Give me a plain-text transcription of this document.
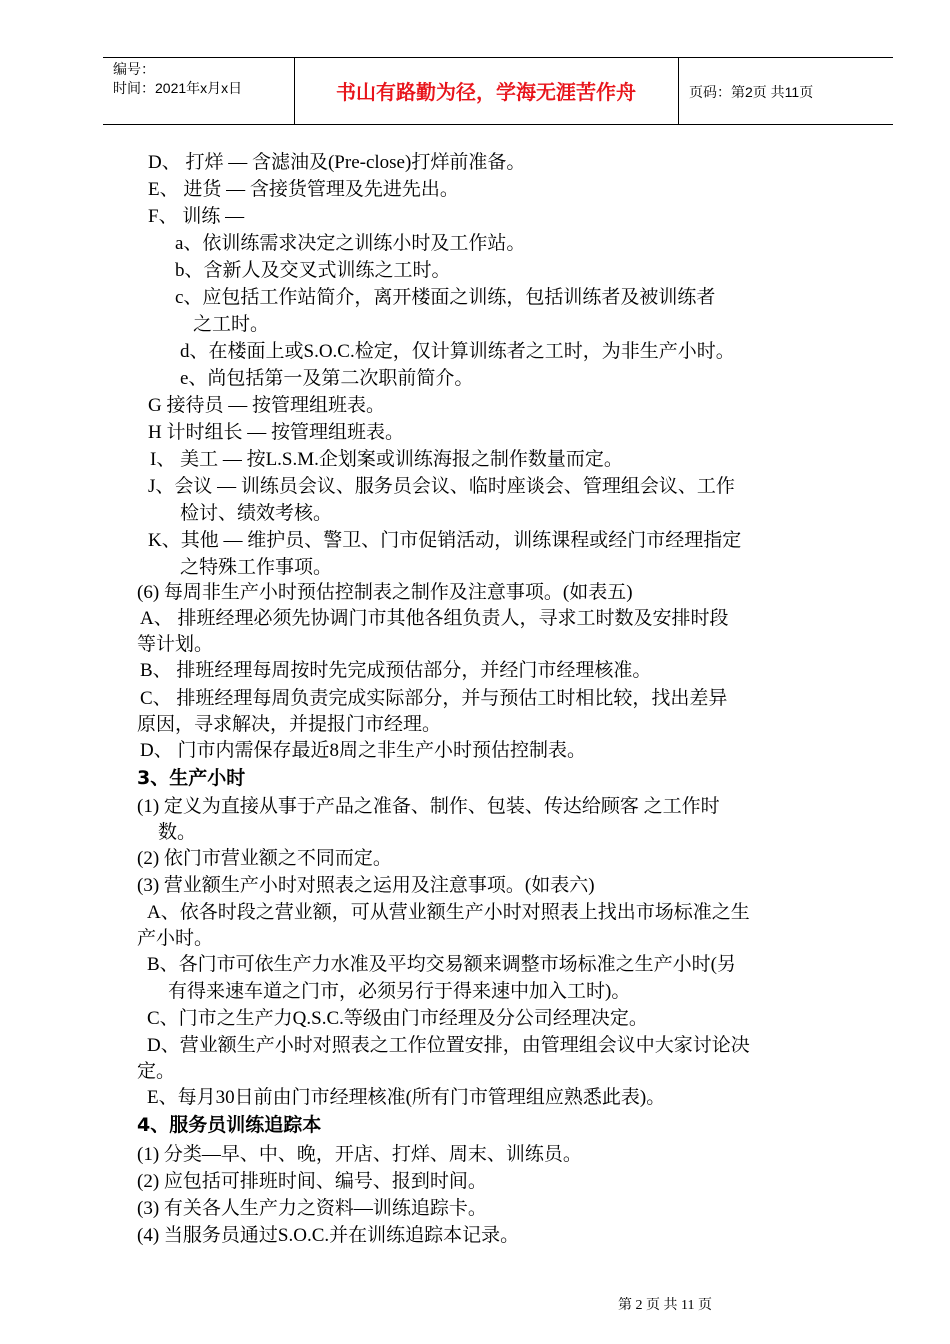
编号：
时间：2021年x月x日	书山有路勤为径，学海无涯苦作舟	页码：第2页 共11页
D、 打烊 — 含滤油及(Pre-close)打烊前准备。
E、 进货 — 含接货管理及先进先出。
F、 训练 —
a、依训练需求决定之训练小时及工作站。
b、含新人及交叉式训练之工时。
c、应包括工作站简介，离开楼面之训练，包括训练者及被训练者
之工时。
d、在楼面上或S.O.C.检定，仅计算训练者之工时，为非生产小时。
e、尚包括第一及第二次职前简介。
G 接待员 — 按管理组班表。
H 计时组长 — 按管理组班表。
I、 美工 — 按L.S.M.企划案或训练海报之制作数量而定。
J、会议 — 训练员会议、服务员会议、临时座谈会、管理组会议、工作
检讨、绩效考核。
K、其他 — 维护员、警卫、门市促销活动，训练课程或经门市经理指定
之特殊工作事项。
(6) 每周非生产小时预估控制表之制作及注意事项。(如表五)
A、 排班经理必须先协调门市其他各组负责人，寻求工时数及安排时段
等计划。
B、 排班经理每周按时先完成预估部分，并经门市经理核准。
C、 排班经理每周负责完成实际部分，并与预估工时相比较，找出差异
原因，寻求解决，并提报门市经理。
D、 门市内需保存最近8周之非生产小时预估控制表。
3、生产小时
(1) 定义为直接从事于产品之准备、制作、包装、传达给顾客 之工作时
数。
(2) 依门市营业额之不同而定。
(3) 营业额生产小时对照表之运用及注意事项。(如表六)
A、依各时段之营业额，可从营业额生产小时对照表上找出市场标准之生
产小时。
B、各门市可依生产力水准及平均交易额来调整市场标准之生产小时(另
有得来速车道之门市，必须另行于得来速中加入工时)。
C、门市之生产力Q.S.C.等级由门市经理及分公司经理决定。
D、营业额生产小时对照表之工作位置安排，由管理组会议中大家讨论决
定。
E、每月30日前由门市经理核准(所有门市管理组应熟悉此表)。
4、服务员训练追踪本
(1) 分类—早、中、晚，开店、打烊、周末、训练员。
(2) 应包括可排班时间、编号、报到时间。
(3) 有关各人生产力之资料—训练追踪卡。
(4) 当服务员通过S.O.C.并在训练追踪本记录。
第 2 页 共 11 页
